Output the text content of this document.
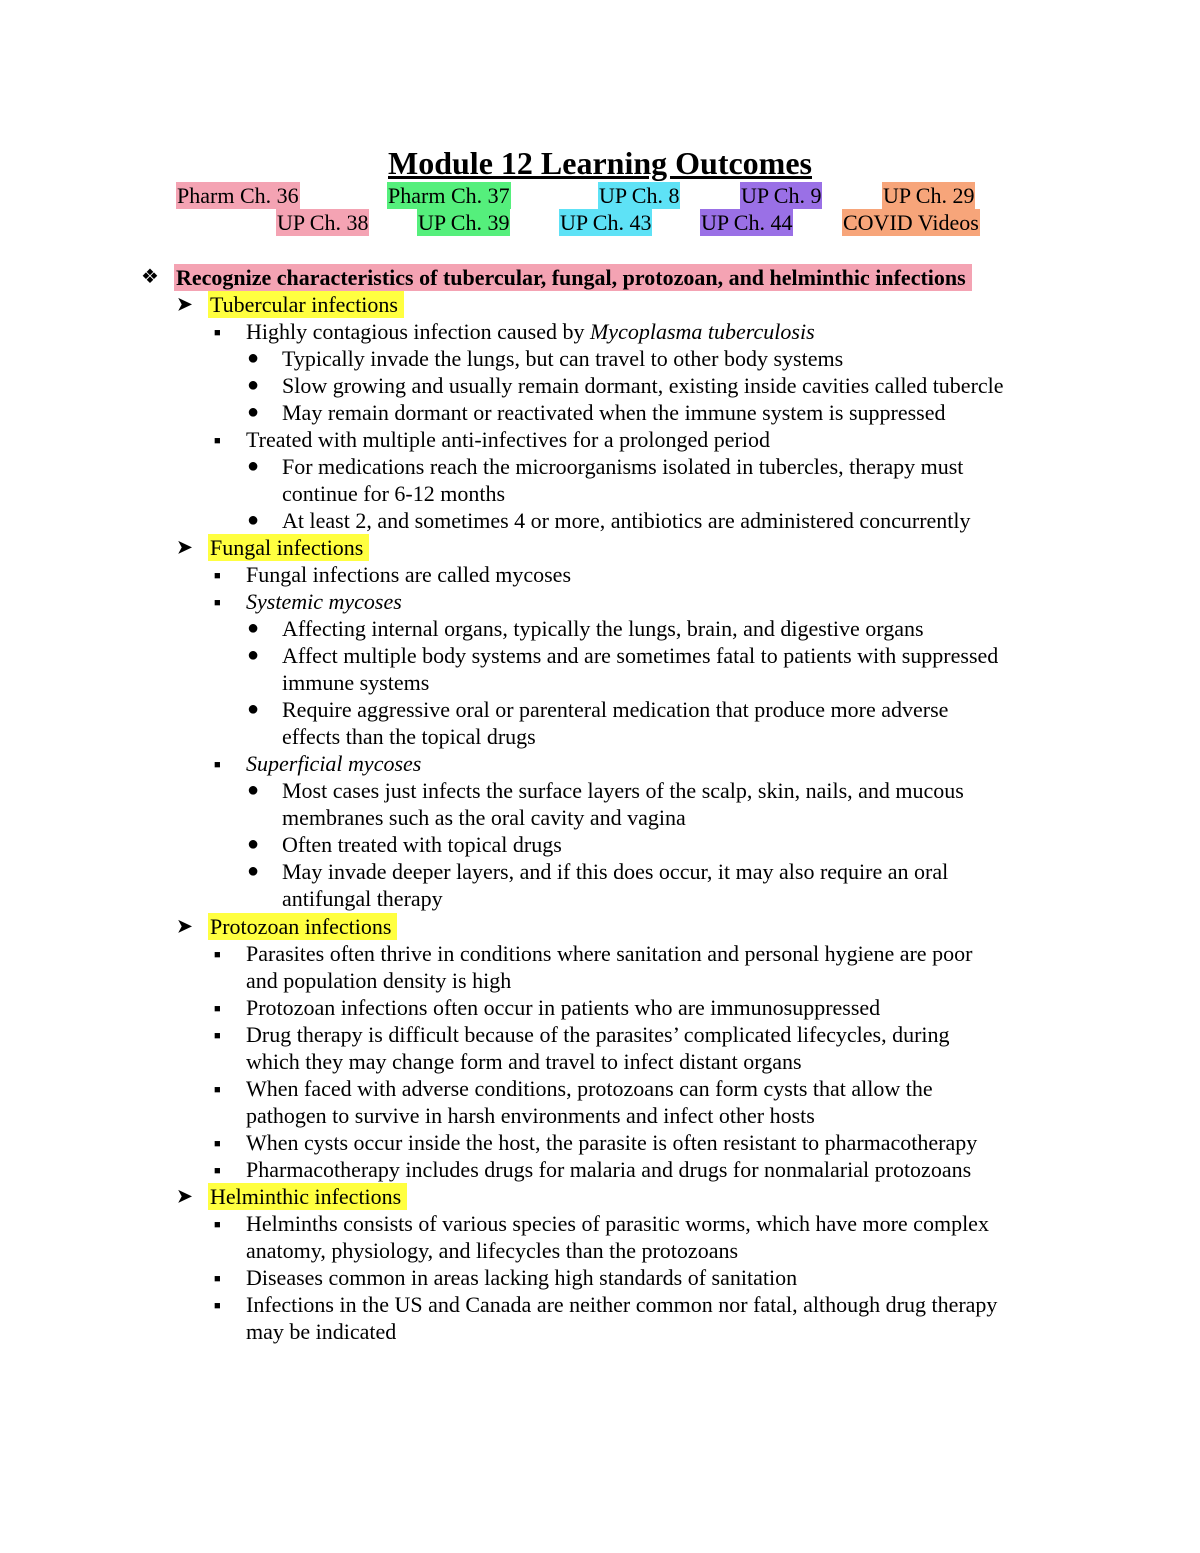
Module 12 Learning Outcomes
Pharm Ch. 36	Pharm Ch. 37	UP Ch. 8	UP Ch. 9	UP Ch. 29
UP Ch. 38 UP Ch. 39 UP Ch. 43 UP Ch. 44 COVID Videos
❖ Recognize characteristics of tubercular, fungal, protozoan, and helminthic infections
➤ Tubercular infections
■ Highly contagious infection caused by Mycoplasma tuberculosis
● Typically invade the lungs, but can travel to other body systems
● Slow growing and usually remain dormant, existing inside cavities called tubercle
● May remain dormant or reactivated when the immune system is suppressed
■ Treated with multiple anti-infectives for a prolonged period
● For medications reach the microorganisms isolated in tubercles, therapy must
continue for 6-12 months
● At least 2, and sometimes 4 or more, antibiotics are administered concurrently
➤ Fungal infections
■ Fungal infections are called mycoses
■ Systemic mycoses
● Affecting internal organs, typically the lungs, brain, and digestive organs
● Affect multiple body systems and are sometimes fatal to patients with suppressed
immune systems
● Require aggressive oral or parenteral medication that produce more adverse
effects than the topical drugs
■ Superficial mycoses
● Most cases just infects the surface layers of the scalp, skin, nails, and mucous
membranes such as the oral cavity and vagina
● Often treated with topical drugs
● May invade deeper layers, and if this does occur, it may also require an oral
antifungal therapy
➤ Protozoan infections
■ Parasites often thrive in conditions where sanitation and personal hygiene are poor
and population density is high
■ Protozoan infections often occur in patients who are immunosuppressed
■ Drug therapy is difficult because of the parasites’ complicated lifecycles, during
which they may change form and travel to infect distant organs
■ When faced with adverse conditions, protozoans can form cysts that allow the
pathogen to survive in harsh environments and infect other hosts
■ When cysts occur inside the host, the parasite is often resistant to pharmacotherapy
■ Pharmacotherapy includes drugs for malaria and drugs for nonmalarial protozoans
➤ Helminthic infections
■ Helminths consists of various species of parasitic worms, which have more complex
anatomy, physiology, and lifecycles than the protozoans
■ Diseases common in areas lacking high standards of sanitation
■ Infections in the US and Canada are neither common nor fatal, although drug therapy
may be indicated
